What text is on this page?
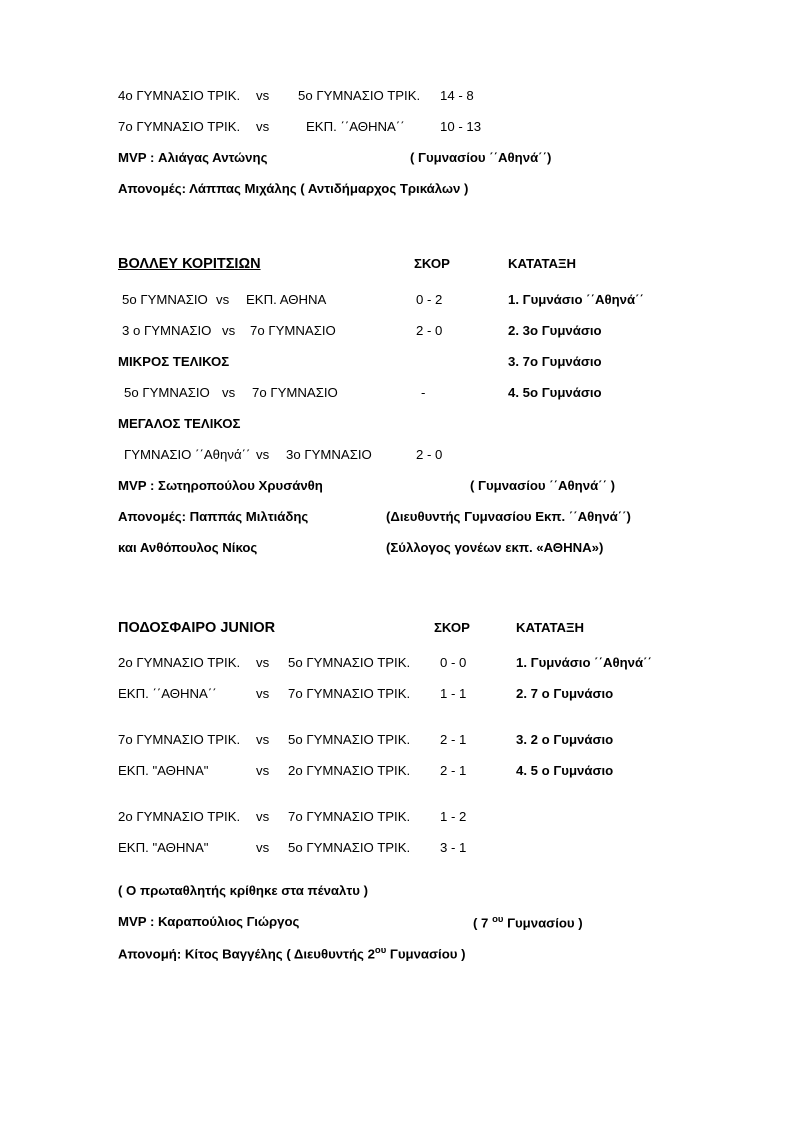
4ο ΓΥΜΝΑΣΙΟ ΤΡΙΚ. vs 5ο ΓΥΜΝΑΣΙΟ ΤΡΙΚ. 14 - 8
7ο ΓΥΜΝΑΣΙΟ ΤΡΙΚ. vs	ΕΚΠ. ΄΄ΑΘΗΝΑ΄΄	10 - 13
MVP : Αλιάγας Αντώνης	( Γυμνασίου ΄΄Αθηνά΄΄)
Απονομές: Λάππας Μιχάλης ( Αντιδήμαρχος Τρικάλων )
ΒΟΛΛΕΥ ΚΟΡΙΤΣΙΩΝ	ΣΚΟΡ	ΚΑΤΑΤΑΞΗ
5ο ΓΥΜΝΑΣΙΟ vs ΕΚΠ. ΑΘΗΝΑ	0 - 2	1. Γυμνάσιο ΄΄Αθηνά΄΄
3 ο ΓΥΜΝΑΣΙΟ vs 7ο ΓΥΜΝΑΣΙΟ	2 - 0	2. 3ο Γυμνάσιο
ΜΙΚΡΟΣ ΤΕΛΙΚΟΣ	3. 7ο Γυμνάσιο
5ο ΓΥΜΝΑΣΙΟ vs 7ο ΓΥΜΝΑΣΙΟ	-	4. 5ο Γυμνάσιο
ΜΕΓΑΛΟΣ ΤΕΛΙΚΟΣ
ΓΥΜΝΑΣΙΟ ΄΄Αθηνά΄΄ vs 3ο ΓΥΜΝΑΣΙΟ	2 - 0
MVP : Σωτηροπούλου Χρυσάνθη	( Γυμνασίου ΄΄Αθηνά΄΄ )
Απονομές: Παππάς Μιλτιάδης	(Διευθυντής Γυμνασίου Εκπ. ΄΄Αθηνά΄΄)
και Ανθόπουλος Νίκος	(Σύλλογος γονέων εκπ. «ΑΘΗΝΑ»)
ΠΟΔΟΣΦΑΙΡΟ JUNIOR	ΣΚΟΡ	ΚΑΤΑΤΑΞΗ
2ο ΓΥΜΝΑΣΙΟ ΤΡΙΚ. vs 5ο ΓΥΜΝΑΣΙΟ ΤΡΙΚ. 0 - 0	1. Γυμνάσιο ΄΄Αθηνά΄΄
ΕΚΠ. ΄΄ΑΘΗΝΑ΄΄	vs 7ο ΓΥΜΝΑΣΙΟ ΤΡΙΚ. 1 - 1	2. 7 ο Γυμνάσιο
7ο ΓΥΜΝΑΣΙΟ ΤΡΙΚ. vs 5ο ΓΥΜΝΑΣΙΟ ΤΡΙΚ. 2 - 1	3. 2 ο Γυμνάσιο
ΕΚΠ. "ΑΘΗΝΑ"	vs 2ο ΓΥΜΝΑΣΙΟ ΤΡΙΚ. 2 - 1	4. 5 ο Γυμνάσιο
2ο ΓΥΜΝΑΣΙΟ ΤΡΙΚ. vs 7ο ΓΥΜΝΑΣΙΟ ΤΡΙΚ. 1 - 2
ΕΚΠ. "ΑΘΗΝΑ"	vs 5ο ΓΥΜΝΑΣΙΟ ΤΡΙΚ. 3 - 1
( Ο πρωταθλητής κρίθηκε στα πέναλτυ )
MVP : Καραπούλιος Γιώργος	( 7 $^{o\upsilon}$ Γυμνασίου )
Απονομή: Κίτος Βαγγέλης ( Διευθυντής $2^{o\upsilon}$ Γυμνασίου )
